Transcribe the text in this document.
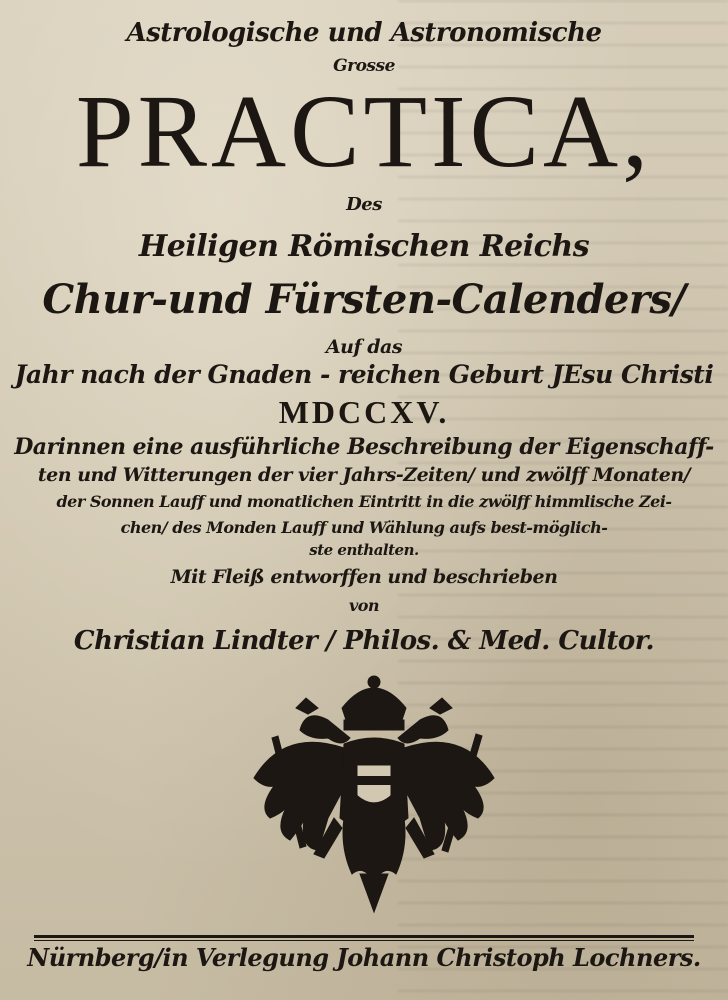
Astrologische und Astronomische
Grosse
PRACTICA,
Des
Heiligen Römischen Reichs
Chur-und Fürsten-Calenders/
Auf das
Jahr nach der Gnaden - reichen Geburt JEsu Christi
MDCCXV.
Darinnen eine ausführliche Beschreibung der Eigenschaff-
ten und Witterungen der vier Jahrs-Zeiten/ und zwölff Monaten/
der Sonnen Lauff und monatlichen Eintritt in die zwölff himmlische Zei-
chen/ des Monden Lauff und Wählung aufs best-möglich-
ste enthalten.
Mit Fleiß entworffen und beschrieben
von
Christian Lindter / Philos. & Med. Cultor.
Nürnberg/in Verlegung Johann Christoph Lochners.
